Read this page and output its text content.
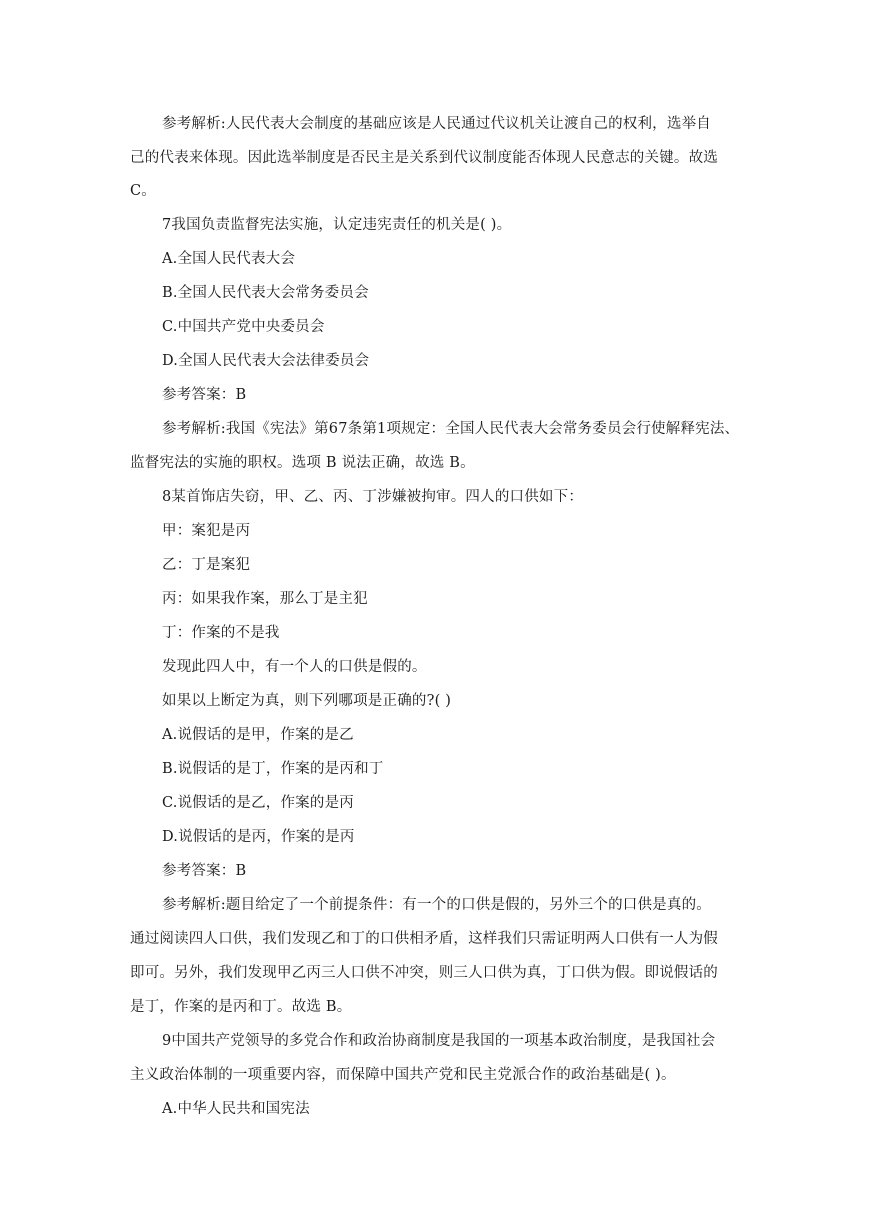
参考解析:人民代表大会制度的基础应该是人民通过代议机关让渡自己的权利，选举自
己的代表来体现。因此选举制度是否民主是关系到代议制度能否体现人民意志的关键。故选
C。
7我国负责监督宪法实施，认定违宪责任的机关是( )。
A.全国人民代表大会
B.全国人民代表大会常务委员会
C.中国共产党中央委员会
D.全国人民代表大会法律委员会
参考答案：B
参考解析:我国《宪法》第67条第1项规定：全国人民代表大会常务委员会行使解释宪法、
监督宪法的实施的职权。选项 B 说法正确，故选 B。
8某首饰店失窃，甲、乙、丙、丁涉嫌被拘审。四人的口供如下：
甲：案犯是丙
乙：丁是案犯
丙：如果我作案，那么丁是主犯
丁：作案的不是我
发现此四人中，有一个人的口供是假的。
如果以上断定为真，则下列哪项是正确的?( )
A.说假话的是甲，作案的是乙
B.说假话的是丁，作案的是丙和丁
C.说假话的是乙，作案的是丙
D.说假话的是丙，作案的是丙
参考答案：B
参考解析:题目给定了一个前提条件：有一个的口供是假的，另外三个的口供是真的。
通过阅读四人口供，我们发现乙和丁的口供相矛盾，这样我们只需证明两人口供有一人为假
即可。另外，我们发现甲乙丙三人口供不冲突，则三人口供为真，丁口供为假。即说假话的
是丁，作案的是丙和丁。故选 B。
9中国共产党领导的多党合作和政治协商制度是我国的一项基本政治制度，是我国社会
主义政治体制的一项重要内容，而保障中国共产党和民主党派合作的政治基础是( )。
A.中华人民共和国宪法
